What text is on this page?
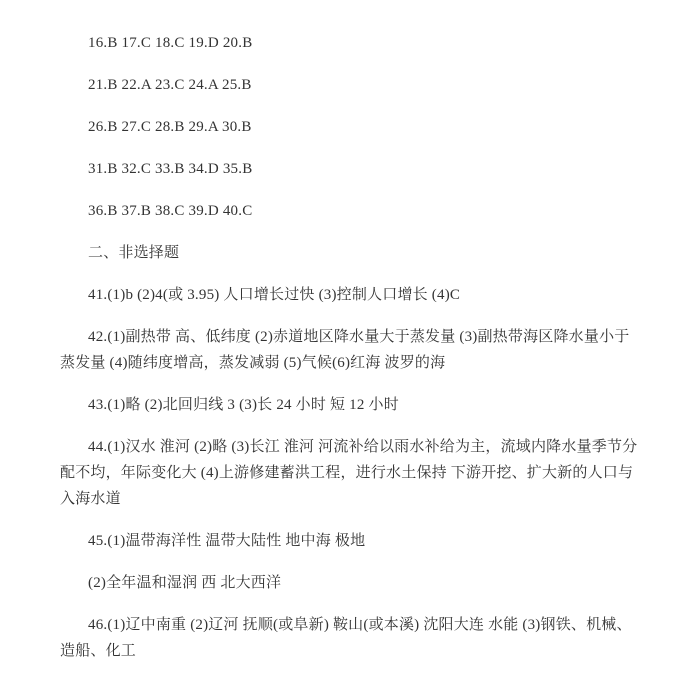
16.B 17.C 18.C 19.D 20.B

21.B 22.A 23.C 24.A 25.B

26.B 27.C 28.B 29.A 30.B

31.B 32.C 33.B 34.D 35.B

36.B 37.B 38.C 39.D 40.C

二、非选择题

41.(1)b (2)4(或 3.95) 人口增长过快 (3)控制人口增长 (4)C

42.(1)副热带 高、低纬度 (2)赤道地区降水量大于蒸发量 (3)副热带海区降水量小于蒸发量 (4)随纬度增高，蒸发减弱 (5)气候(6)红海 波罗的海

43.(1)略 (2)北回归线 3 (3)长 24 小时 短 12 小时

44.(1)汉水 淮河 (2)略 (3)长江 淮河 河流补给以雨水补给为主，流域内降水量季节分配不均，年际变化大 (4)上游修建蓄洪工程，进行水土保持 下游开挖、扩大新的人口与入海水道

45.(1)温带海洋性 温带大陆性 地中海 极地

(2)全年温和湿润 西 北大西洋

46.(1)辽中南重 (2)辽河 抚顺(或阜新) 鞍山(或本溪) 沈阳大连 水能 (3)钢铁、机械、造船、化工
